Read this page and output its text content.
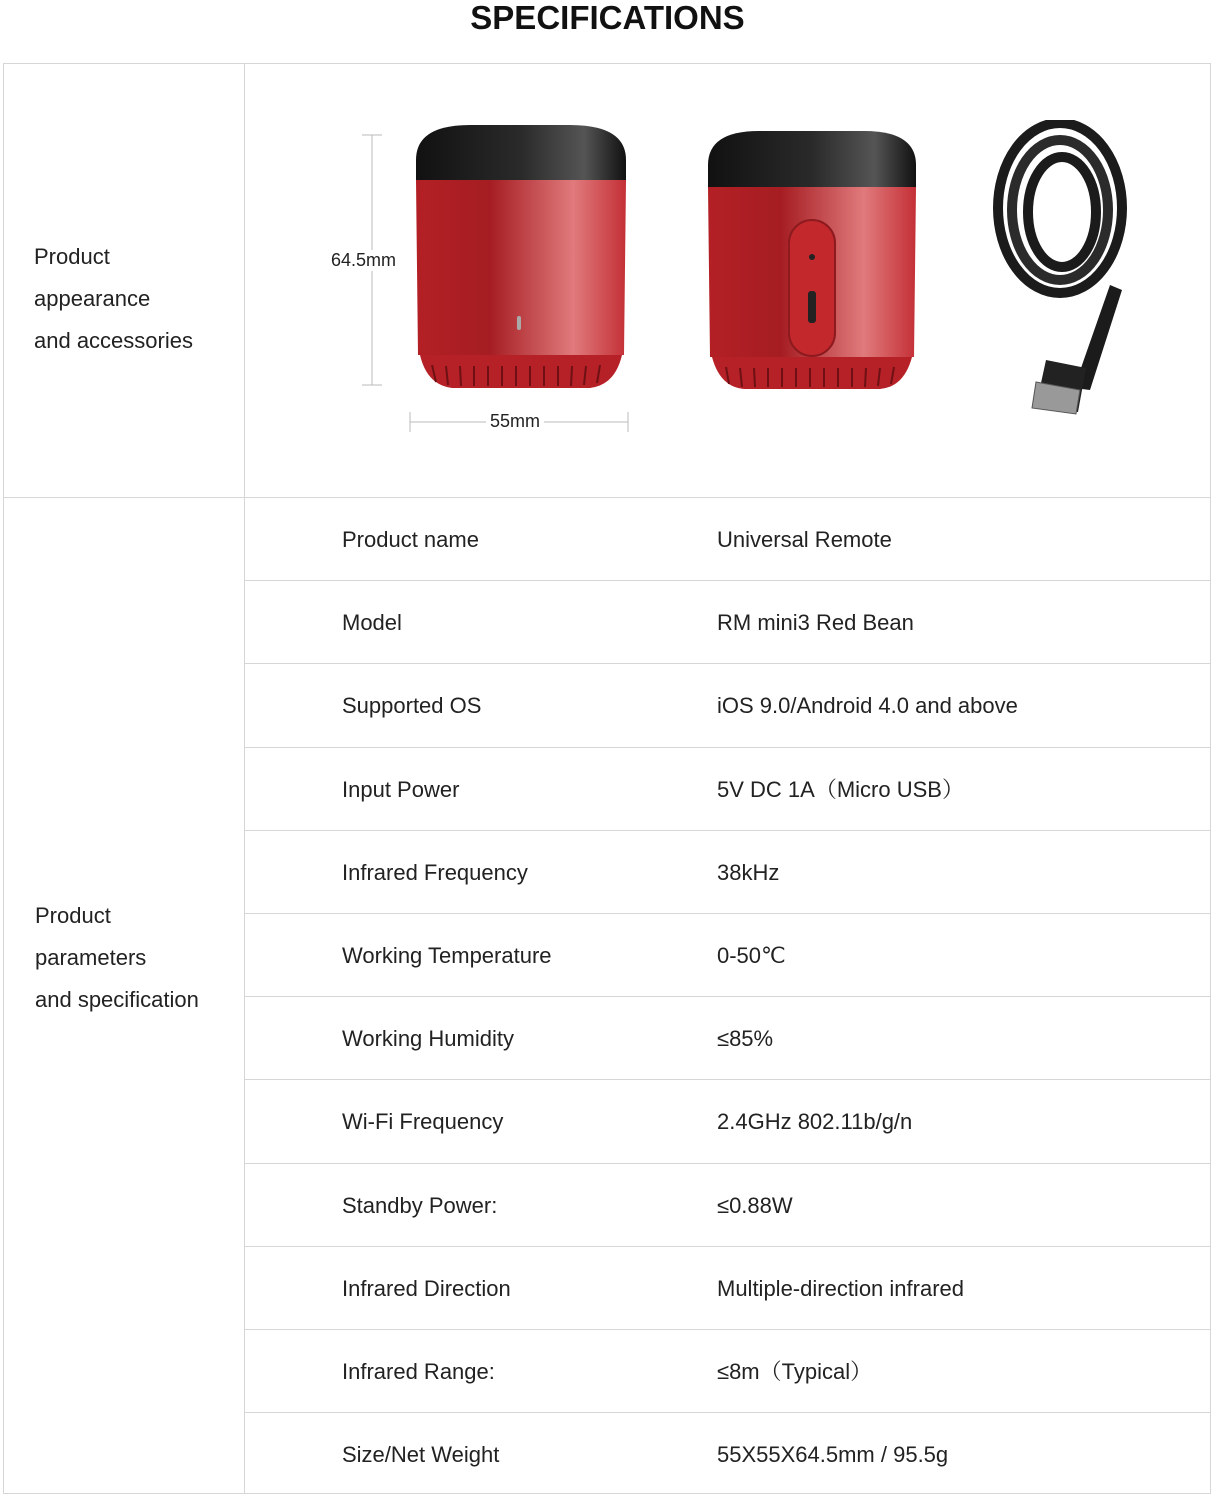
SPECIFICATIONS
Product
appearance
and accessories
64.5mm
55mm
Product
parameters
and specification
Product name	Universal Remote
Model	RM mini3 Red Bean
Supported OS	iOS 9.0/Android 4.0 and above
Input Power	5V DC 1A（Micro USB）
Infrared Frequency	38kHz
Working Temperature	0-50℃
Working Humidity	≤85%
Wi-Fi Frequency	2.4GHz 802.11b/g/n
Standby Power:	≤0.88W
Infrared Direction	Multiple-direction infrared
Infrared Range:	≤8m（Typical）
Size/Net Weight	55X55X64.5mm / 95.5g
